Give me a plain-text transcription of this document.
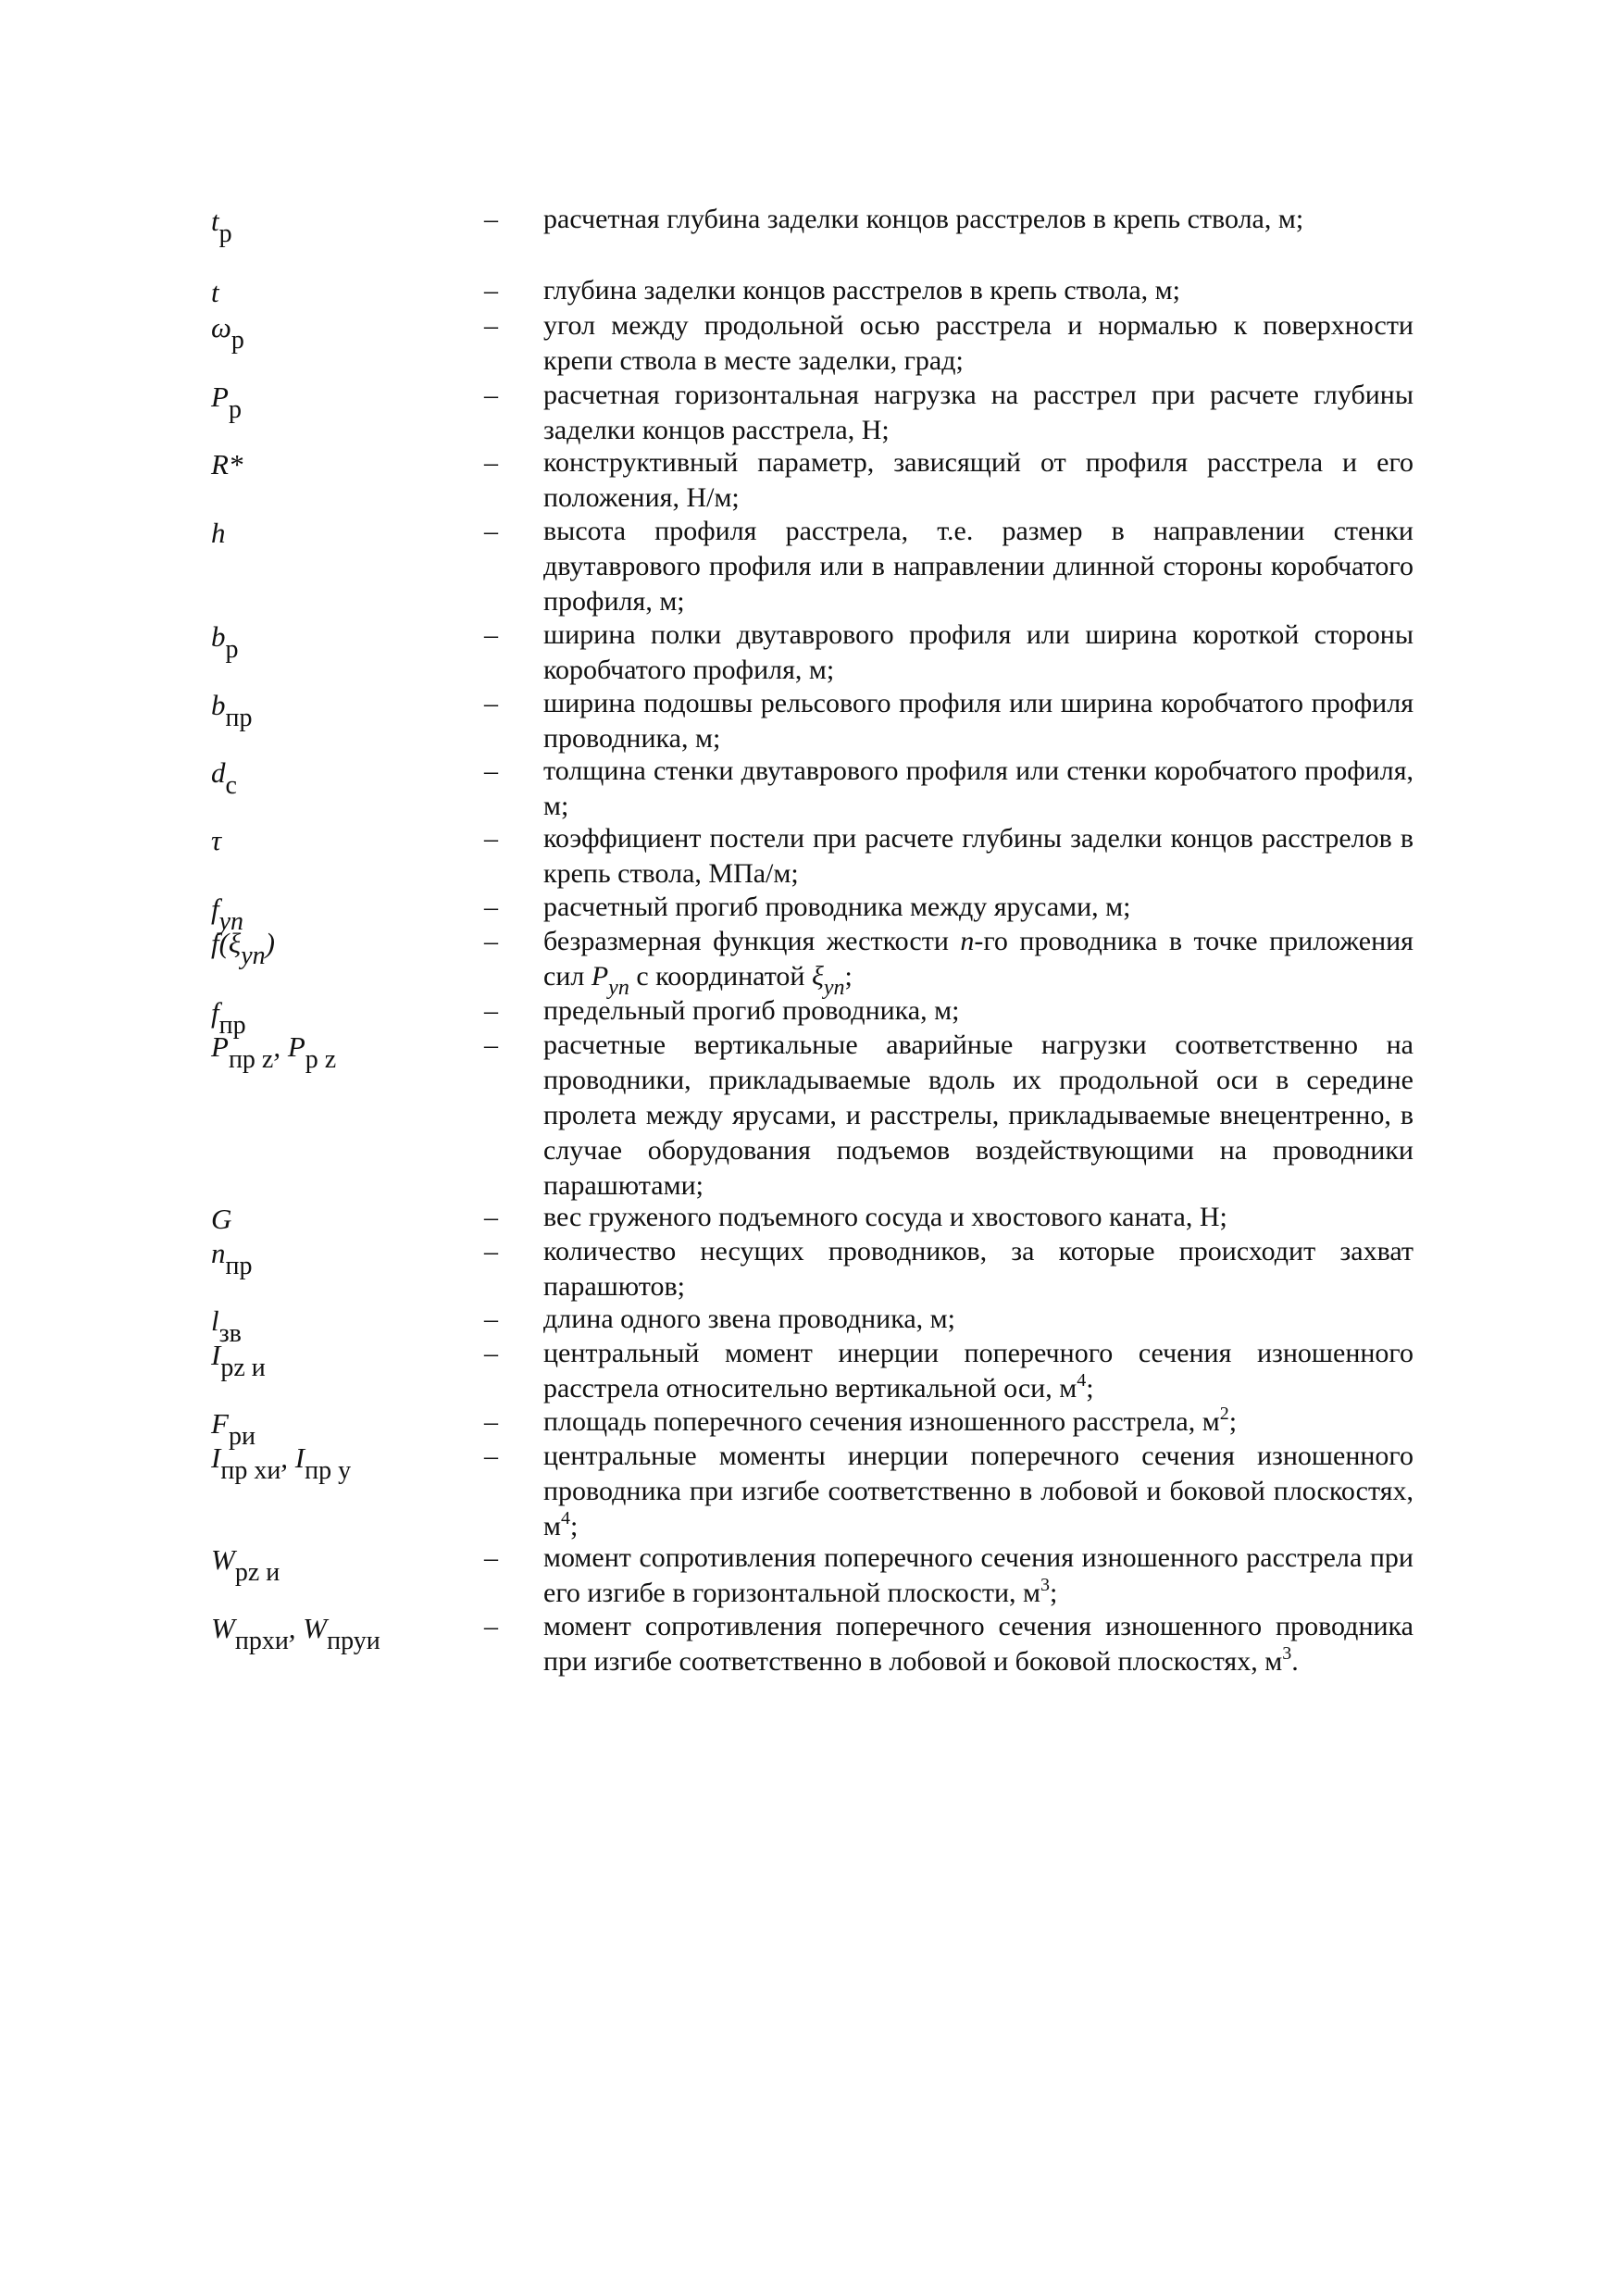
tp	– расчетная глубина заделки концов расстрелов в крепь ствола, м;
t	– глубина заделки концов расстрелов в крепь ствола, м;
ωp	– угол между продольной осью расстрела и нормалью к поверхности крепи ствола в месте заделки, град;
Pp	– расчетная горизонтальная нагрузка на расстрел при расчете глубины заделки концов расстрела, Н;
R*	– конструктивный параметр, зависящий от профиля расстрела и его положения, Н/м;
h	– высота профиля расстрела, т.е. размер в направлении стенки двутаврового профиля или в направлении длинной стороны коробчатого профиля, м;
bp	– ширина полки двутаврового профиля или ширина короткой стороны коробчатого профиля, м;
bпр	– ширина подошвы рельсового профиля или ширина коробчатого профиля проводника, м;
dс	– толщина стенки двутаврового профиля или стенки коробчатого профиля, м;
τ	– коэффициент постели при расчете глубины заделки концов расстрелов в крепь ствола, МПа/м;
fyn	– расчетный прогиб проводника между ярусами, м;
f(ξyn)	– безразмерная функция жесткости n-го проводника в точке приложения сил $P_{yn}$ с координатой $\xi_{yn}$;
fпр	– предельный прогиб проводника, м;
Pпр z, Pp z	– расчетные вертикальные аварийные нагрузки соответственно на проводники, прикладываемые вдоль их продольной оси в середине пролета между ярусами, и расстрелы, прикладываемые внецентренно, в случае оборудования подъемов воздействующими на проводники парашютами;
G	– вес груженого подъемного сосуда и хвостового каната, Н;
nпр	– количество несущих проводников, за которые происходит захват парашютов;
lзв	– длина одного звена проводника, м;
Ipz и	– центральный момент инерции поперечного сечения изношенного расстрела относительно вертикальной оси, $м^4$;
Fри	– площадь поперечного сечения изношенного расстрела, $м^2$;
Iпр хи, Iпр у	– центральные моменты инерции поперечного сечения изношенного проводника при изгибе соответственно в лобовой и боковой плоскостях, $м^4$;
Wpz и	– момент сопротивления поперечного сечения изношенного расстрела при его изгибе в горизонтальной плоскости, $м^3$;
Wпрхи, Wпруи	– момент сопротивления поперечного сечения изношенного проводника при изгибе соответственно в лобовой и боковой плоскостях, $м^3$.
